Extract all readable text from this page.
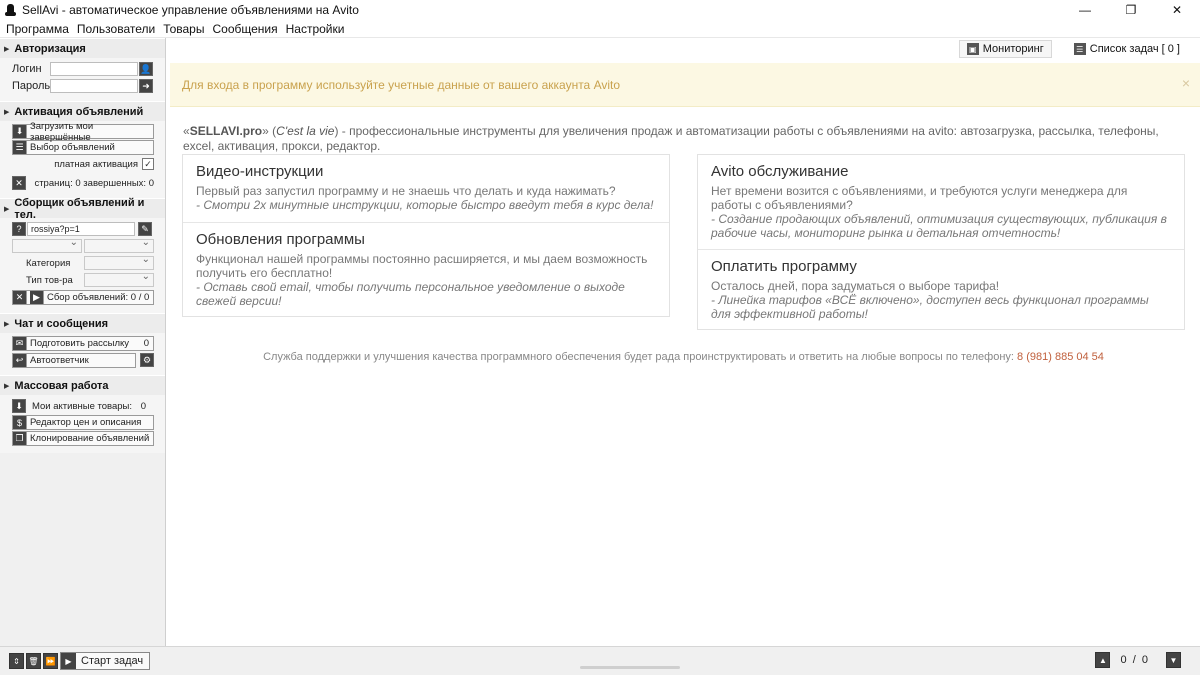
SellAvi - автоматическое управление объявлениями на Avito	—	❐	✕
Программа Пользователи Товары Сообщения Настройки
▶ Авторизация
Логин	👤
Пароль	➜
▶ Активация объявлений
⬇ Загрузить мои завершённые
☰ Выбор объявлений
платная активация ✓
✕	страниц: 0 завершенных: 0
▶
Сборщик объявлений и тел.
?	rossiya?p=1	✎
⌄
⌄
Категория
⌄
Тип тов-ра
⌄
✕	▶ Сбор объявлений: 0 / 0
▶ Чат и сообщения
✉ Подготовить рассылку 0
↩ Автоответчик	⚙
▶ Массовая работа
⬇ Мои активные товары: 0
$ Редактор цен и описания
❐ Клонирование объявлений
▣ Мониторинг	☰ Список задач [ 0 ]
Для входа в программу используйте учетные данные от вашего аккаунта Avito	×
«SELLAVI.pro» (C'est la vie) - профессиональные инструменты для увеличения продаж и автоматизации работы с объявлениями на avito: автозагрузка, рассылка, телефоны, excel, активация, прокси, редактор.
Видео-инструкции

Первый раз запустил программу и не знаешь что делать и куда нажимать?

- Смотри 2х минутные инструкции, которые быстро введут тебя в курс дела!

Обновления программы

Функционал нашей программы постоянно расширяется, и мы даем возможность получить его бесплатно!

- Оставь свой email, чтобы получить персональное уведомление о выходе свежей версии!

Avito обслуживание

Нет времени возится с объявлениями, и требуются услуги менеджера для работы с объявлениями?

- Создание продающих объявлений, оптимизация существующих, публикация в рабочие часы, мониторинг рынка и детальная отчетность!

Оплатить программу

Осталось дней, пора задуматься о выборе тарифа!

- Линейка тарифов «ВСЁ включено», доступен весь функционал программы для эффективной работы!

Служба поддержки и улучшения качества программного обеспечения будет рада проинструктировать и ответить на любые вопросы по телефону: 8 (981) 885 04 54
⇕	🗑 ⏩	▶ Старт задач	▲	0  /  0	▼
